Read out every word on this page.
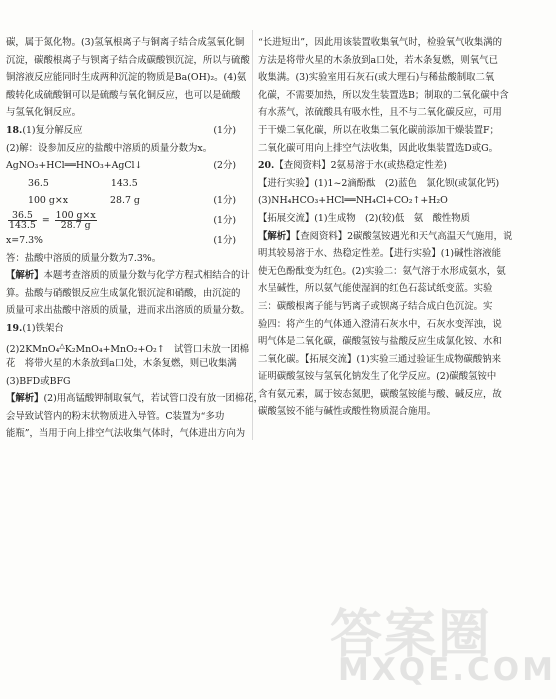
碳，属于氮化物。(3)氢氧根离子与铜离子结合成氢氧化铜
沉淀，碳酸根离子与钡离子结合成碳酸钡沉淀，所以与硫酸
铜溶液反应能同时生成两种沉淀的物质是Ba(OH)₂。(4)氨
酸转化成硫酸铜可以是硫酸与氧化铜反应，也可以是硫酸
与氢氧化铜反应。
18.(1)复分解反应	(1分)
(2)解：设参加反应的盐酸中溶质的质量分数为x。
AgNO₃+HCl══HNO₃+AgCl↓	(2分)
36.5	143.5
100 g×x	28.7 g	(1分)
$\frac{36.5}{143.5} = \frac{100 g\times x}{28.7 g}$	(1分)
x=7.3%	(1分)
答：盐酸中溶质的质量分数为7.3%。
【解析】本题考查溶质的质量分数与化学方程式相结合的计
算。盐酸与硝酸银反应生成氯化银沉淀和硝酸，由沉淀的
质量可求出盐酸中溶质的质量，进而求出溶质的质量分数。
19.(1)铁架台
(2)2KMnO₄△K₂MnO₄+MnO₂+O₂↑　试管口未放一团棉
花　将带火星的木条放到a口处，木条复燃，则已收集满
(3)BFD或BFG
【解析】(2)用高锰酸钾制取氧气，若试管口没有放一团棉花，
会导致试管内的粉末状物质进入导管。C装置为“多功
能瓶”，当用于向上排空气法收集气体时，气体进出方向为
“长进短出”，因此用该装置收集氧气时，检验氧气收集满的
方法是将带火星的木条放到a口处，若木条复燃，则氧气已
收集满。(3)实验室用石灰石(或大理石)与稀盐酸制取二氧
化碳，不需要加热，所以发生装置选B；制取的二氧化碳中含
有水蒸气，浓硫酸具有吸水性，且不与二氧化碳反应，可用
于干燥二氧化碳，所以在收集二氧化碳前添加干燥装置F；
二氧化碳可用向上排空气法收集，因此收集装置选D或G。
20.【查阅资料】2氨易溶于水(或热稳定性差)
【进行实验】(1)1~2滴酚酞　(2)蓝色　氯化钡(或氯化钙)
(3)NH₄HCO₃+HCl══NH₄Cl+CO₂↑+H₂O
【拓展交流】(1)生成物　(2)(较)低　氨　酸性物质
【解析】【查阅资料】2碳酸氢铵遇光和天气高温天气施用，说
明其较易溶于水、热稳定性差。【进行实验】(1)碱性溶液能
使无色酚酞变为红色。(2)实验二：氨气溶于水形成氨水，氨
水呈碱性，所以氨气能使湿润的红色石蕊试纸变蓝。实验
三：碳酸根离子能与钙离子或钡离子结合成白色沉淀。实
验四：将产生的气体通入澄清石灰水中，石灰水变浑浊，说
明气体是二氧化碳，碳酸氢铵与盐酸反应生成氯化铵、水和
二氧化碳。【拓展交流】(1)实验三通过验证生成物碳酸钠来
证明碳酸氢铵与氢氧化钠发生了化学反应。(2)碳酸氢铵中
含有氨元素，属于铵态氮肥，碳酸氢铵能与酸、碱反应，故
碳酸氢铵不能与碱性或酸性物质混合施用。
答案圈
MXQE.COM
